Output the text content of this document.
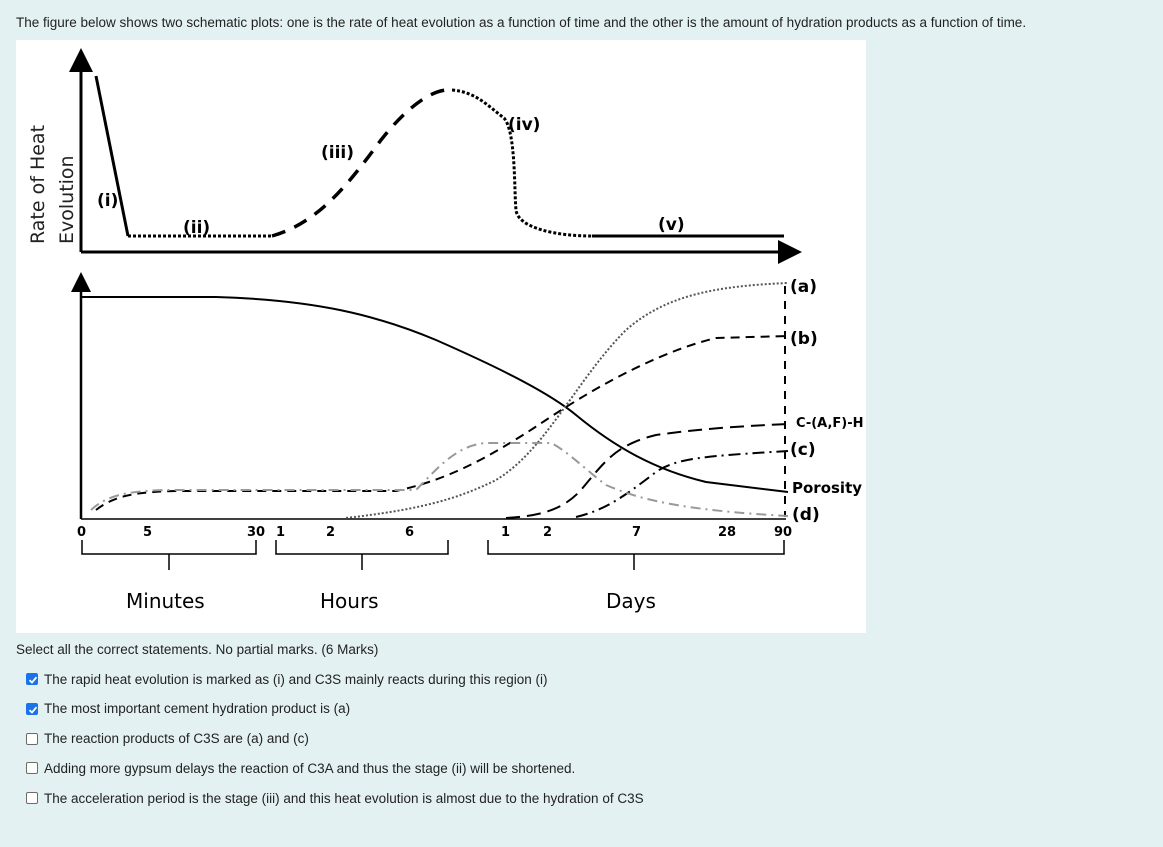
The figure below shows two schematic plots: one is the rate of heat evolution as a function of time and the other is the amount of hydration products as a function of time.
Rate of Heat Evolution (i)
(ii)
(iii)
(iv)
(v)
(a)
(b)
C-(A,F)-H
(c)
Porosity
(d)
0	5	30 1	2	6	1	2	7	28	90
Minutes	Hours	Days
Select all the correct statements. No partial marks. (6 Marks)
The rapid heat evolution is marked as (i) and C3S mainly reacts during this region (i)
The most important cement hydration product is (a)
The reaction products of C3S are (a) and (c)
Adding more gypsum delays the reaction of C3A and thus the stage (ii) will be shortened.
The acceleration period is the stage (iii) and this heat evolution is almost due to the hydration of C3S
